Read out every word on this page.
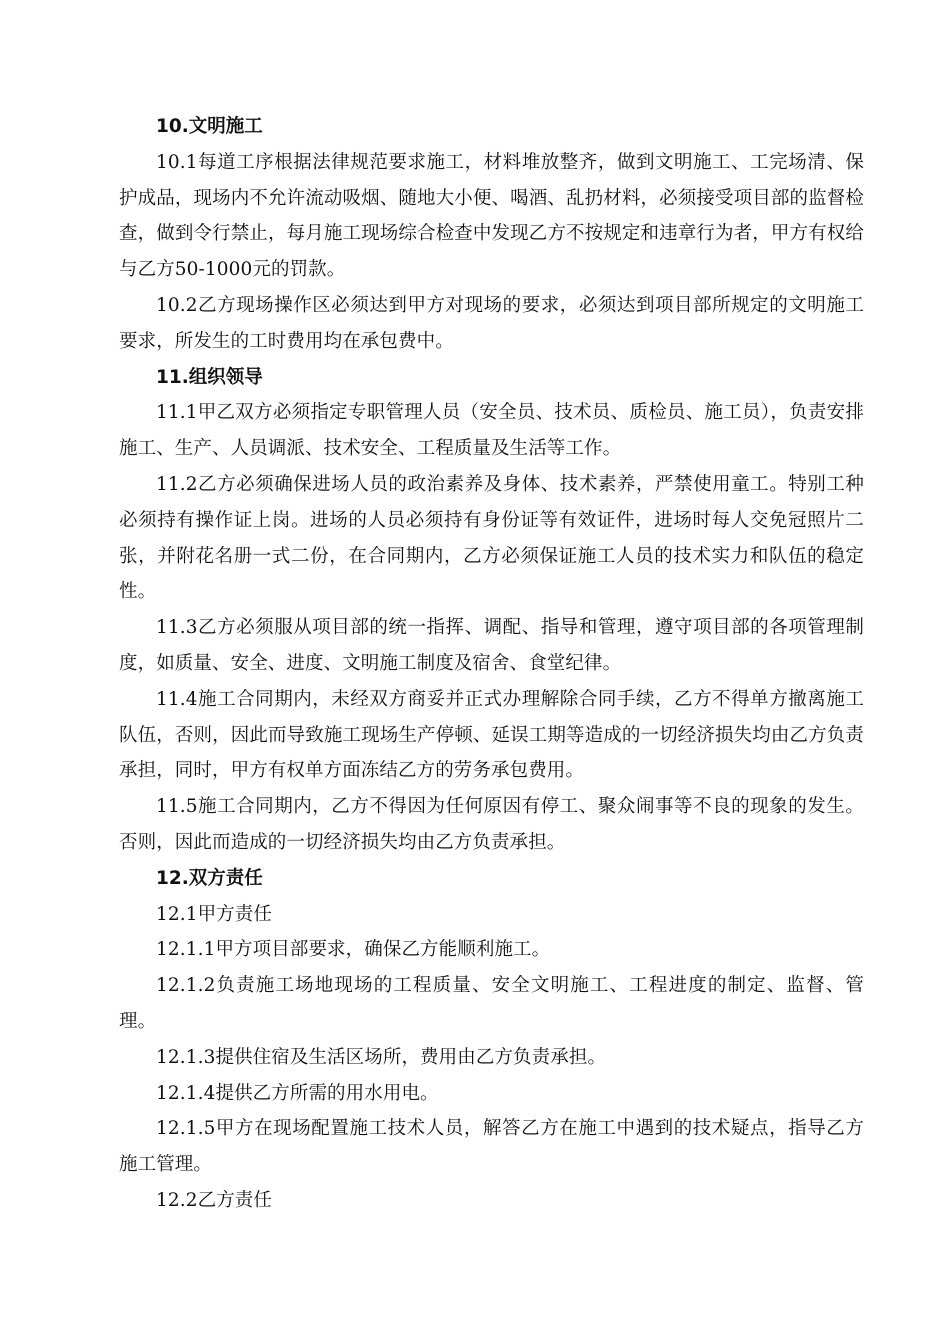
10.文明施工

10.1每道工序根据法律规范要求施工，材料堆放整齐，做到文明施工、工完场清、保护成品，现场内不允许流动吸烟、随地大小便、喝酒、乱扔材料，必须接受项目部的监督检查，做到令行禁止，每月施工现场综合检查中发现乙方不按规定和违章行为者，甲方有权给与乙方50-1000元的罚款。

10.2乙方现场操作区必须达到甲方对现场的要求，必须达到项目部所规定的文明施工要求，所发生的工时费用均在承包费中。

11.组织领导

11.1甲乙双方必须指定专职管理人员（安全员、技术员、质检员、施工员），负责安排施工、生产、人员调派、技术安全、工程质量及生活等工作。

11.2乙方必须确保进场人员的政治素养及身体、技术素养，严禁使用童工。特别工种必须持有操作证上岗。进场的人员必须持有身份证等有效证件，进场时每人交免冠照片二张，并附花名册一式二份，在合同期内，乙方必须保证施工人员的技术实力和队伍的稳定性。

11.3乙方必须服从项目部的统一指挥、调配、指导和管理，遵守项目部的各项管理制度，如质量、安全、进度、文明施工制度及宿舍、食堂纪律。

11.4施工合同期内，未经双方商妥并正式办理解除合同手续，乙方不得单方撤离施工队伍，否则，因此而导致施工现场生产停顿、延误工期等造成的一切经济损失均由乙方负责承担，同时，甲方有权单方面冻结乙方的劳务承包费用。

11.5施工合同期内，乙方不得因为任何原因有停工、聚众闹事等不良的现象的发生。否则，因此而造成的一切经济损失均由乙方负责承担。

12.双方责任

12.1甲方责任

12.1.1甲方项目部要求，确保乙方能顺利施工。

12.1.2负责施工场地现场的工程质量、安全文明施工、工程进度的制定、监督、管理。

12.1.3提供住宿及生活区场所，费用由乙方负责承担。

12.1.4提供乙方所需的用水用电。

12.1.5甲方在现场配置施工技术人员，解答乙方在施工中遇到的技术疑点，指导乙方施工管理。

12.2乙方责任
